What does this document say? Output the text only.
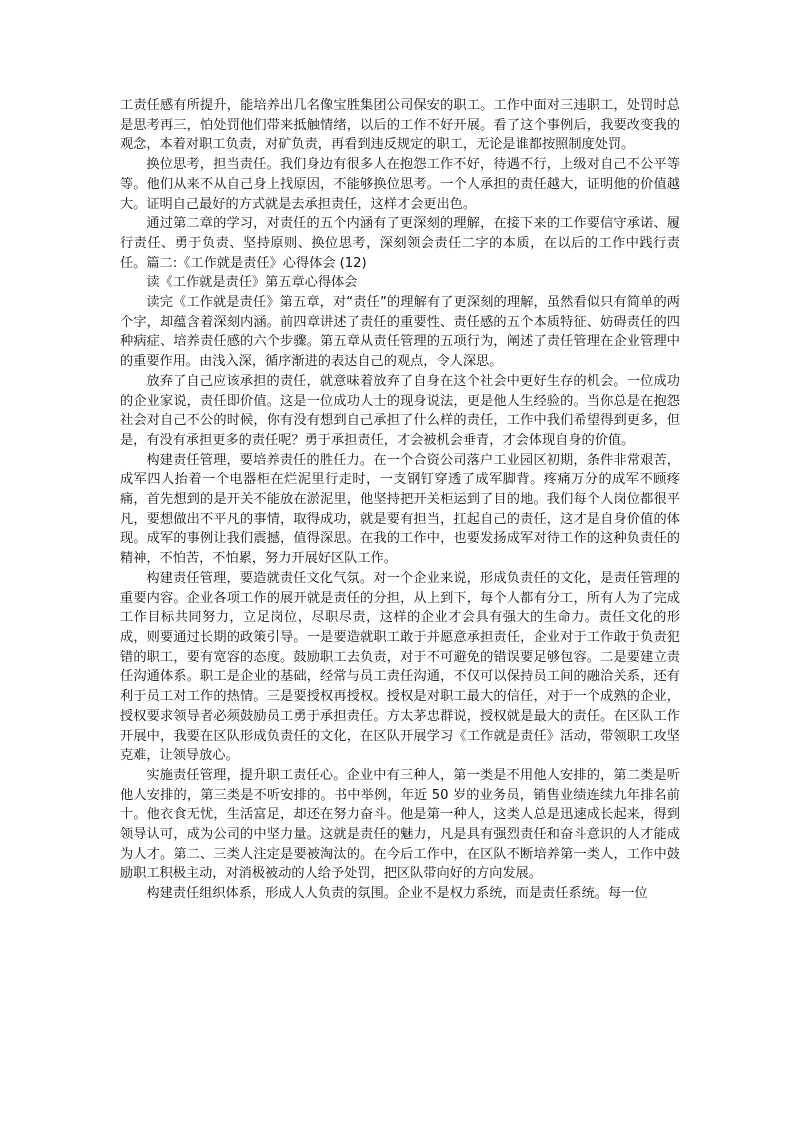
工责任感有所提升，能培养出几名像宝胜集团公司保安的职工。工作中面对三违职工，处罚时总是思考再三，怕处罚他们带来抵触情绪，以后的工作不好开展。看了这个事例后，我要改变我的观念，本着对职工负责，对矿负责，再看到违反规定的职工，无论是谁都按照制度处罚。

换位思考，担当责任。我们身边有很多人在抱怨工作不好，待遇不行，上级对自己不公平等等。他们从来不从自己身上找原因，不能够换位思考。一个人承担的责任越大，证明他的价值越大。证明自己最好的方式就是去承担责任，这样才会更出色。

通过第二章的学习，对责任的五个内涵有了更深刻的理解，在接下来的工作要信守承诺、履行责任、勇于负责、坚持原则、换位思考，深刻领会责任二字的本质，在以后的工作中践行责任。篇二:《工作就是责任》心得体会 (12)

读《工作就是责任》第五章心得体会

读完《工作就是责任》第五章，对“责任”的理解有了更深刻的理解，虽然看似只有简单的两个字，却蕴含着深刻内涵。前四章讲述了责任的重要性、责任感的五个本质特征、妨碍责任的四种病症、培养责任感的六个步骤。第五章从责任管理的五项行为，阐述了责任管理在企业管理中的重要作用。由浅入深，循序渐进的表达自己的观点，令人深思。

放弃了自己应该承担的责任，就意味着放弃了自身在这个社会中更好生存的机会。一位成功的企业家说，责任即价值。这是一位成功人士的现身说法，更是他人生经验的。当你总是在抱怨社会对自己不公的时候，你有没有想到自己承担了什么样的责任，工作中我们希望得到更多，但是，有没有承担更多的责任呢？勇于承担责任，才会被机会垂青，才会体现自身的价值。

构建责任管理，要培养责任的胜任力。在一个合资公司落户工业园区初期，条件非常艰苦，成军四人抬着一个电器柜在烂泥里行走时，一支钢钉穿透了成军脚背。疼痛万分的成军不顾疼痛，首先想到的是开关不能放在淤泥里，他坚持把开关柜运到了目的地。我们每个人岗位都很平凡，要想做出不平凡的事情，取得成功，就是要有担当，扛起自己的责任，这才是自身价值的体现。成军的事例让我们震撼，值得深思。在我的工作中，也要发扬成军对待工作的这种负责任的精神，不怕苦，不怕累，努力开展好区队工作。

构建责任管理，要造就责任文化气氛。对一个企业来说，形成负责任的文化，是责任管理的重要内容。企业各项工作的展开就是责任的分担，从上到下，每个人都有分工，所有人为了完成工作目标共同努力，立足岗位，尽职尽责，这样的企业才会具有强大的生命力。责任文化的形成，则要通过长期的政策引导。一是要造就职工敢于并愿意承担责任，企业对于工作敢于负责犯错的职工，要有宽容的态度。鼓励职工去负责，对于不可避免的错误要足够包容。二是要建立责任沟通体系。职工是企业的基础，经常与员工责任沟通，不仅可以保持员工间的融洽关系，还有利于员工对工作的热情。三是要授权再授权。授权是对职工最大的信任，对于一个成熟的企业，授权要求领导者必须鼓励员工勇于承担责任。方太茅忠群说，授权就是最大的责任。在区队工作开展中，我要在区队形成负责任的文化，在区队开展学习《工作就是责任》活动，带领职工攻坚克难，让领导放心。

实施责任管理，提升职工责任心。企业中有三种人，第一类是不用他人安排的，第二类是听他人安排的，第三类是不听安排的。书中举例，年近 50 岁的业务员，销售业绩连续九年排名前十。他衣食无忧，生活富足，却还在努力奋斗。他是第一种人，这类人总是迅速成长起来，得到领导认可，成为公司的中坚力量。这就是责任的魅力，凡是具有强烈责任和奋斗意识的人才能成为人才。第二、三类人注定是要被淘汰的。在今后工作中，在区队不断培养第一类人，工作中鼓励职工积极主动，对消极被动的人给予处罚，把区队带向好的方向发展。

构建责任组织体系，形成人人负责的氛围。企业不是权力系统，而是责任系统。每一位
